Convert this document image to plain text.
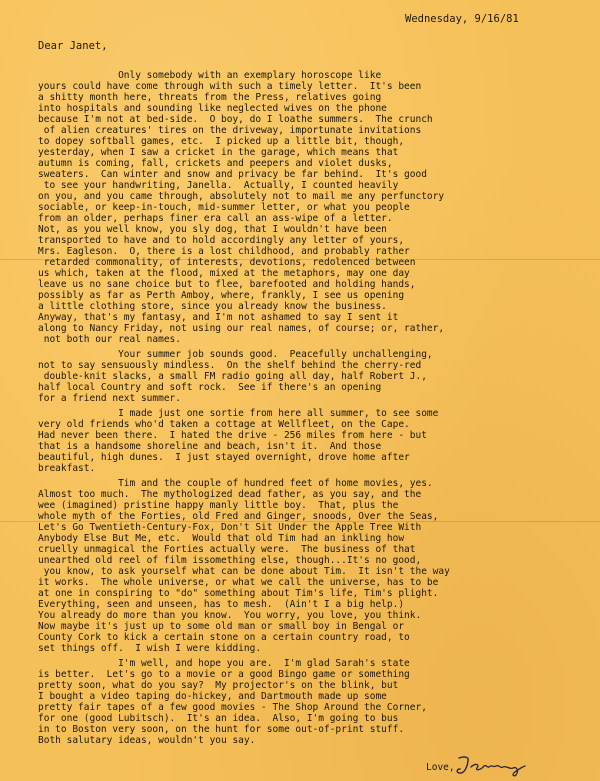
Wednesday, 9/16/81
Dear Janet,
Only somebody with an exemplary horoscope like
yours could have come through with such a timely letter.  It's been
a shitty month here, threats from the Press, relatives going
into hospitals and sounding like neglected wives on the phone
because I'm not at bed-side.  O boy, do I loathe summers.  The crunch
of alien creatures' tires on the driveway, importunate invitations
to dopey softball games, etc.  I picked up a little bit, though,
yesterday, when I saw a cricket in the garage, which means that
autumn is coming, fall, crickets and peepers and violet dusks,
sweaters.  Can winter and snow and privacy be far behind.  It's good
to see your handwriting, Janella.  Actually, I counted heavily
on you, and you came through, absolutely not to mail me any perfunctory
sociable, or keep-in-touch, mid-summer letter, or what you people
from an older, perhaps finer era call an ass-wipe of a letter.
Not, as you well know, you sly dog, that I wouldn't have been
transported to have and to hold accordingly any letter of yours,
Mrs. Eagleson.  O, there is a lost childhood, and probably rather
retarded commonality, of interests, devotions, redolenced between
us which, taken at the flood, mixed at the metaphors, may one day
leave us no sane choice but to flee, barefooted and holding hands,
possibly as far as Perth Amboy, where, frankly, I see us opening
a little clothing store, since you already know the business.
Anyway, that's my fantasy, and I'm not ashamed to say I sent it
along to Nancy Friday, not using our real names, of course; or, rather,
not both our real names.
Your summer job sounds good.  Peacefully unchallenging,
not to say sensuously mindless.  On the shelf behind the cherry-red
double-knit slacks, a small FM radio going all day, half Robert J.,
half local Country and soft rock.  See if there's an opening
for a friend next summer.
I made just one sortie from here all summer, to see some
very old friends who'd taken a cottage at Wellfleet, on the Cape.
Had never been there.  I hated the drive - 256 miles from here - but
that is a handsome shoreline and beach, isn't it.  And those
beautiful, high dunes.  I just stayed overnight, drove home after
breakfast.
Tim and the couple of hundred feet of home movies, yes.
Almost too much.  The mythologized dead father, as you say, and the
wee (imagined) pristine happy manly little boy.  That, plus the
whole myth of the Forties, old Fred and Ginger, snoods, Over the Seas,
Let's Go Twentieth-Century-Fox, Don't Sit Under the Apple Tree With
Anybody Else But Me, etc.  Would that old Tim had an inkling how
cruelly unmagical the Forties actually were.  The business of that
unearthed old reel of film issomething else, though...It's no good,
you know, to ask yourself what can be done about Tim.  It isn't the way
it works.  The whole universe, or what we call the universe, has to be
at one in conspiring to "do" something about Tim's life, Tim's plight.
Everything, seen and unseen, has to mesh.  (Ain't I a big help.)
You already do more than you know.  You worry, you love, you think.
Now maybe it's just up to some old man or small boy in Bengal or
County Cork to kick a certain stone on a certain country road, to
set things off.  I wish I were kidding.
I'm well, and hope you are.  I'm glad Sarah's state
is better.  Let's go to a movie or a good Bingo game or something
pretty soon, what do you say?  My projector's on the blink, but
I bought a video taping do-hickey, and Dartmouth made up some
pretty fair tapes of a few good movies - The Shop Around the Corner,
for one (good Lubitsch).  It's an idea.  Also, I'm going to bus
in to Boston very soon, on the hunt for some out-of-print stuff.
Both salutary ideas, wouldn't you say.
Love,
